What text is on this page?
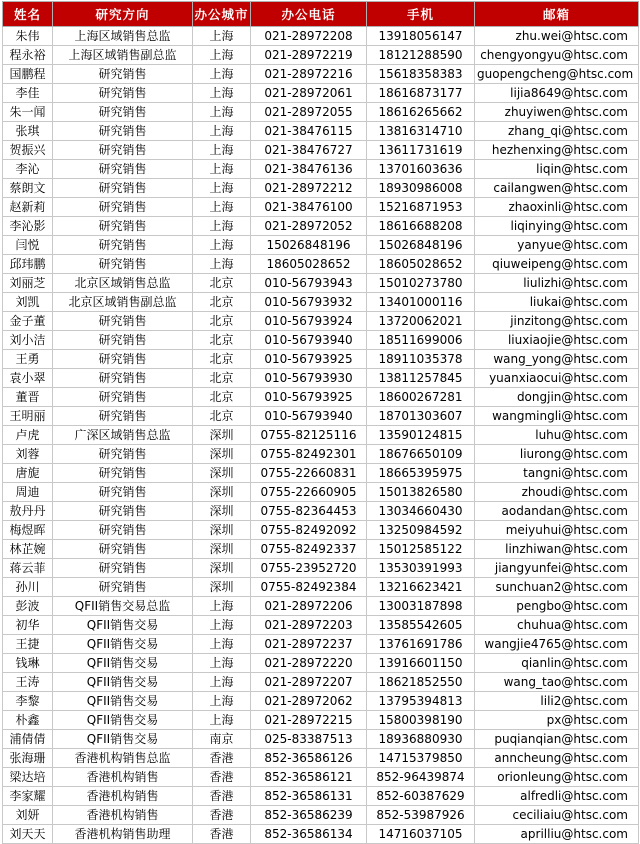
姓名	研究方向	办公城市	办公电话	手机	邮箱
朱伟	上海区域销售总监	上海	021-28972208	13918056147	zhu.wei@htsc.com
程永裕	上海区域销售副总监	上海	021-28972219	18121288590	chengyongyu@htsc.com
国鹏程	研究销售	上海	021-28972216	15618358383	guopengcheng@htsc.com
李佳	研究销售	上海	021-28972061	18616873177	lijia8649@htsc.com
朱一闻	研究销售	上海	021-28972055	18616265662	zhuyiwen@htsc.com
张琪	研究销售	上海	021-38476115	13816314710	zhang_qi@htsc.com
贺振兴	研究销售	上海	021-38476727	13611731619	hezhenxing@htsc.com
李沁	研究销售	上海	021-38476136	13701603636	liqin@htsc.com
蔡朗文	研究销售	上海	021-28972212	18930986008	cailangwen@htsc.com
赵新莉	研究销售	上海	021-38476100	15216871953	zhaoxinli@htsc.com
李沁影	研究销售	上海	021-28972052	18616688208	liqinying@htsc.com
闫悦	研究销售	上海	15026848196	15026848196	yanyue@htsc.com
邱玮鹏	研究销售	上海	18605028652	18605028652	qiuweipeng@htsc.com
刘丽芝	北京区域销售总监	北京	010-56793943	15010273780	liulizhi@htsc.com
刘凯	北京区域销售副总监	北京	010-56793932	13401000116	liukai@htsc.com
金子董	研究销售	北京	010-56793924	13720062021	jinzitong@htsc.com
刘小洁	研究销售	北京	010-56793940	18511699006	liuxiaojie@htsc.com
王勇	研究销售	北京	010-56793925	18911035378	wang_yong@htsc.com
袁小翠	研究销售	北京	010-56793930	13811257845	yuanxiaocui@htsc.com
董晋	研究销售	北京	010-56793925	18600267281	dongjin@htsc.com
王明丽	研究销售	北京	010-56793940	18701303607	wangmingli@htsc.com
卢虎	广深区域销售总监	深圳	0755-82125116	13590124815	luhu@htsc.com
刘蓉	研究销售	深圳	0755-82492301	18676650109	liurong@htsc.com
唐旎	研究销售	深圳	0755-22660831	18665395975	tangni@htsc.com
周迪	研究销售	深圳	0755-22660905	15013826580	zhoudi@htsc.com
敖丹丹	研究销售	深圳	0755-82364453	13034660430	aodandan@htsc.com
梅煜晖	研究销售	深圳	0755-82492092	13250984592	meiyuhui@htsc.com
林芷婉	研究销售	深圳	0755-82492337	15012585122	linzhiwan@htsc.com
蒋云菲	研究销售	深圳	0755-23952720	13530391993	jiangyunfei@htsc.com
孙川	研究销售	深圳	0755-82492384	13216623421	sunchuan2@htsc.com
彭波	QFII销售交易总监	上海	021-28972206	13003187898	pengbo@htsc.com
初华	QFII销售交易	上海	021-28972203	13585542605	chuhua@htsc.com
王捷	QFII销售交易	上海	021-28972237	13761691786	wangjie4765@htsc.com
钱琳	QFII销售交易	上海	021-28972220	13916601150	qianlin@htsc.com
王涛	QFII销售交易	上海	021-28972207	18621852550	wang_tao@htsc.com
李黎	QFII销售交易	上海	021-28972062	13795394813	lili2@htsc.com
朴鑫	QFII销售交易	上海	021-28972215	15800398190	px@htsc.com
浦倩倩	QFII销售交易	南京	025-83387513	18936880930	puqianqian@htsc.com
张海珊	香港机构销售总监	香港	852-36586126	14715379850	anncheung@htsc.com
梁达培	香港机构销售	香港	852-36586121	852-96439874	orionleung@htsc.com
李家耀	香港机构销售	香港	852-36586131	852-60387629	alfredli@htsc.com
刘妍	香港机构销售	香港	852-36586239	852-53987926	ceciliaiu@htsc.com
刘天天	香港机构销售助理	香港	852-36586134	14716037105	aprilliu@htsc.com
